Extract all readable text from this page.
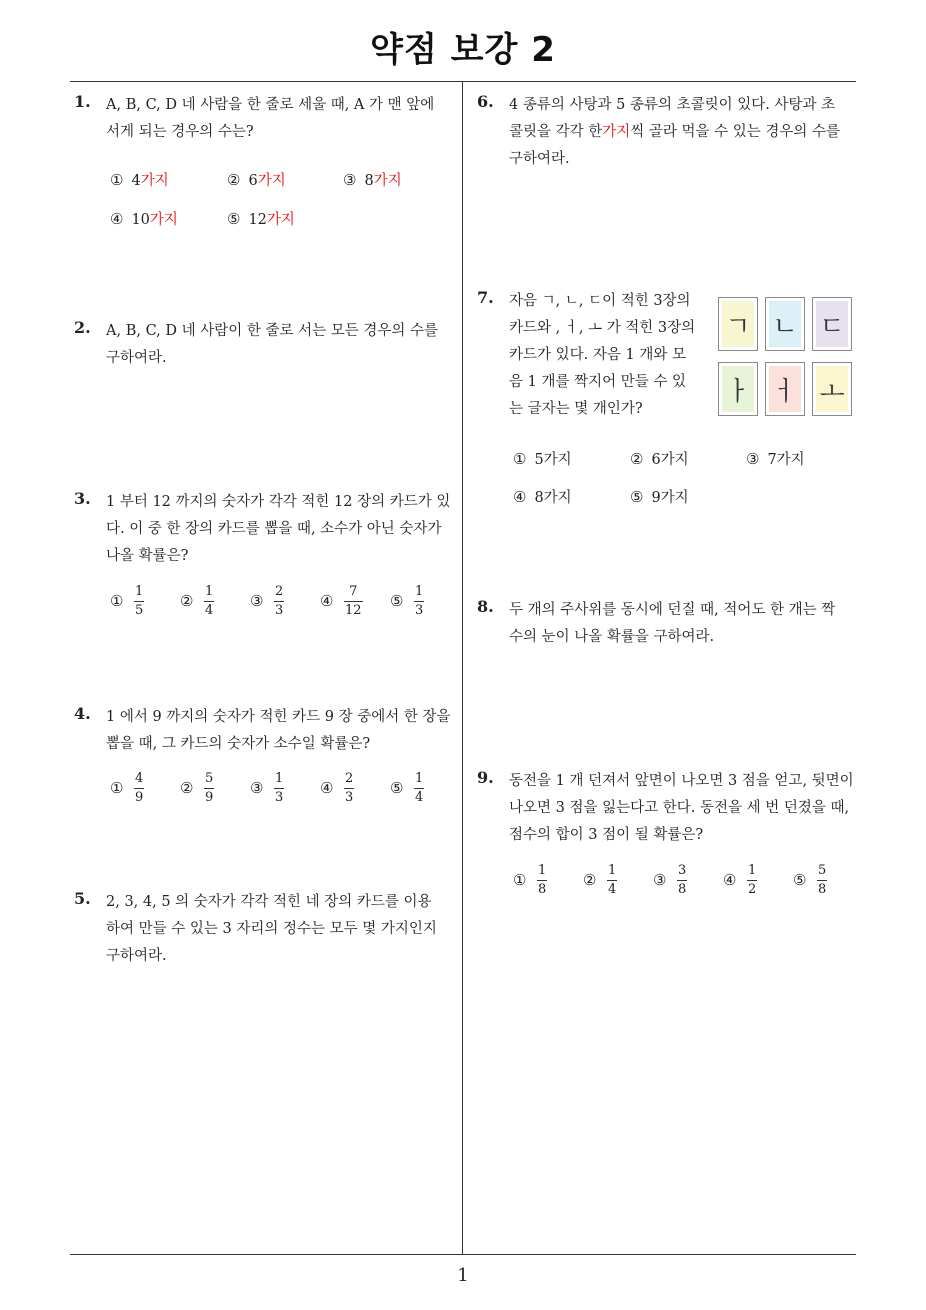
약점 보강 2
1
1. A, B, C, D 네 사람을 한 줄로 세울 때, A 가 맨 앞에
서게 되는 경우의 수는?
① 4가지	② 6가지	③ 8가지
④ 10가지	⑤ 12가지
2. A, B, C, D 네 사람이 한 줄로 서는 모든 경우의 수를
구하여라.
3. 1 부터 12 까지의 숫자가 각각 적힌 12 장의 카드가 있
다. 이 중 한 장의 카드를 뽑을 때, 소수가 아닌 숫자가
나올 확률은?
①
1
5
②
1
4
③
2
3
④
7
12
⑤
1
3
4. 1 에서 9 까지의 숫자가 적힌 카드 9 장 중에서 한 장을
뽑을 때, 그 카드의 숫자가 소수일 확률은?
①
4
9
②
5
9
③
1
3
④
2
3
⑤
1
4
5. 2, 3, 4, 5 의 숫자가 각각 적힌 네 장의 카드를 이용
하여 만들 수 있는 3 자리의 정수는 모두 몇 가지인지
구하여라.
6. 4 종류의 사탕과 5 종류의 초콜릿이 있다. 사탕과 초
콜릿을 각각 한가지씩 골라 먹을 수 있는 경우의 수를
구하여라.
7. 자음 ㄱ, ㄴ, ㄷ이 적힌 3장의
카드와 , ㅓ, ㅗ 가 적힌 3장의
카드가 있다. 자음 1 개와 모
음 1 개를 짝지어 만들 수 있
는 글자는 몇 개인가?
ㄱ ㄴ ㄷ
ㅏ ㅓ ㅗ
① 5가지	② 6가지	③ 7가지
④ 8가지	⑤ 9가지
8. 두 개의 주사위를 동시에 던질 때, 적어도 한 개는 짝
수의 눈이 나올 확률을 구하여라.
9. 동전을 1 개 던져서 앞면이 나오면 3 점을 얻고, 뒷면이
나오면 3 점을 잃는다고 한다. 동전을 세 번 던졌을 때,
점수의 합이 3 점이 될 확률은?
①
1
8
②
1
4
③
3
8
④
1
2
⑤
5
8
